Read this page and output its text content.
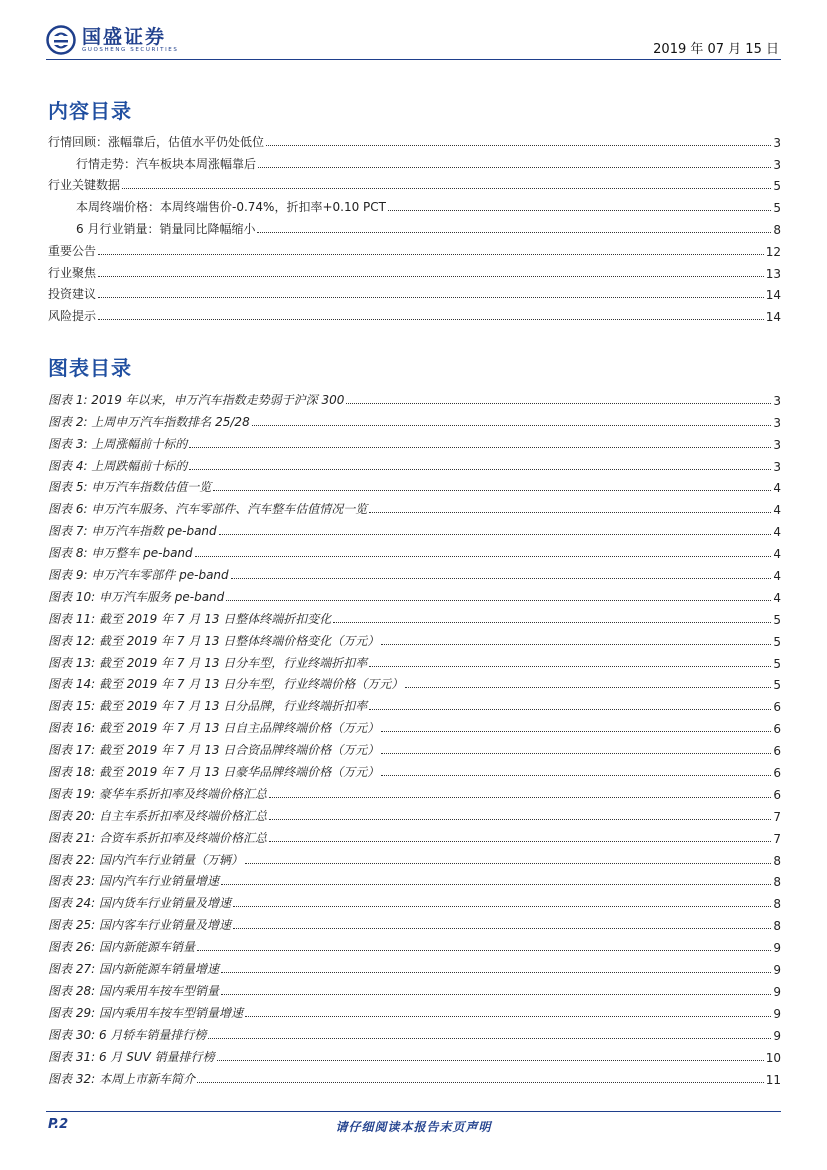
国盛证券
GUOSHENG SECURITIES	2019 年 07 月 15 日
内容目录
行情回顾：涨幅靠后，估值水平仍处低位	3
行情走势：汽车板块本周涨幅靠后	3
行业关键数据	5
本周终端价格：本周终端售价-0.74%，折扣率+0.10 PCT	5
6 月行业销量：销量同比降幅缩小	8
重要公告	12
行业聚焦	13
投资建议	14
风险提示	14
图表目录
图表 1: 2019 年以来，申万汽车指数走势弱于沪深 300	3
图表 2: 上周申万汽车指数排名 25/28	3
图表 3: 上周涨幅前十标的	3
图表 4: 上周跌幅前十标的	3
图表 5: 申万汽车指数估值一览	4
图表 6: 申万汽车服务、汽车零部件、汽车整车估值情况一览	4
图表 7: 申万汽车指数 pe-band	4
图表 8: 申万整车 pe-band	4
图表 9: 申万汽车零部件 pe-band	4
图表 10: 申万汽车服务 pe-band	4
图表 11: 截至 2019 年 7 月 13 日整体终端折扣变化	5
图表 12: 截至 2019 年 7 月 13 日整体终端价格变化（万元）	5
图表 13: 截至 2019 年 7 月 13 日分车型，行业终端折扣率	5
图表 14: 截至 2019 年 7 月 13 日分车型，行业终端价格（万元）	5
图表 15: 截至 2019 年 7 月 13 日分品牌，行业终端折扣率	6
图表 16: 截至 2019 年 7 月 13 日自主品牌终端价格（万元）	6
图表 17: 截至 2019 年 7 月 13 日合资品牌终端价格（万元）	6
图表 18: 截至 2019 年 7 月 13 日豪华品牌终端价格（万元）	6
图表 19: 豪华车系折扣率及终端价格汇总	6
图表 20: 自主车系折扣率及终端价格汇总	7
图表 21: 合资车系折扣率及终端价格汇总	7
图表 22: 国内汽车行业销量（万辆）	8
图表 23: 国内汽车行业销量增速	8
图表 24: 国内货车行业销量及增速	8
图表 25: 国内客车行业销量及增速	8
图表 26: 国内新能源车销量	9
图表 27: 国内新能源车销量增速	9
图表 28: 国内乘用车按车型销量	9
图表 29: 国内乘用车按车型销量增速	9
图表 30: 6 月轿车销量排行榜	9
图表 31: 6 月 SUV 销量排行榜	10
图表 32: 本周上市新车简介	11
P.2	请仔细阅读本报告末页声明
